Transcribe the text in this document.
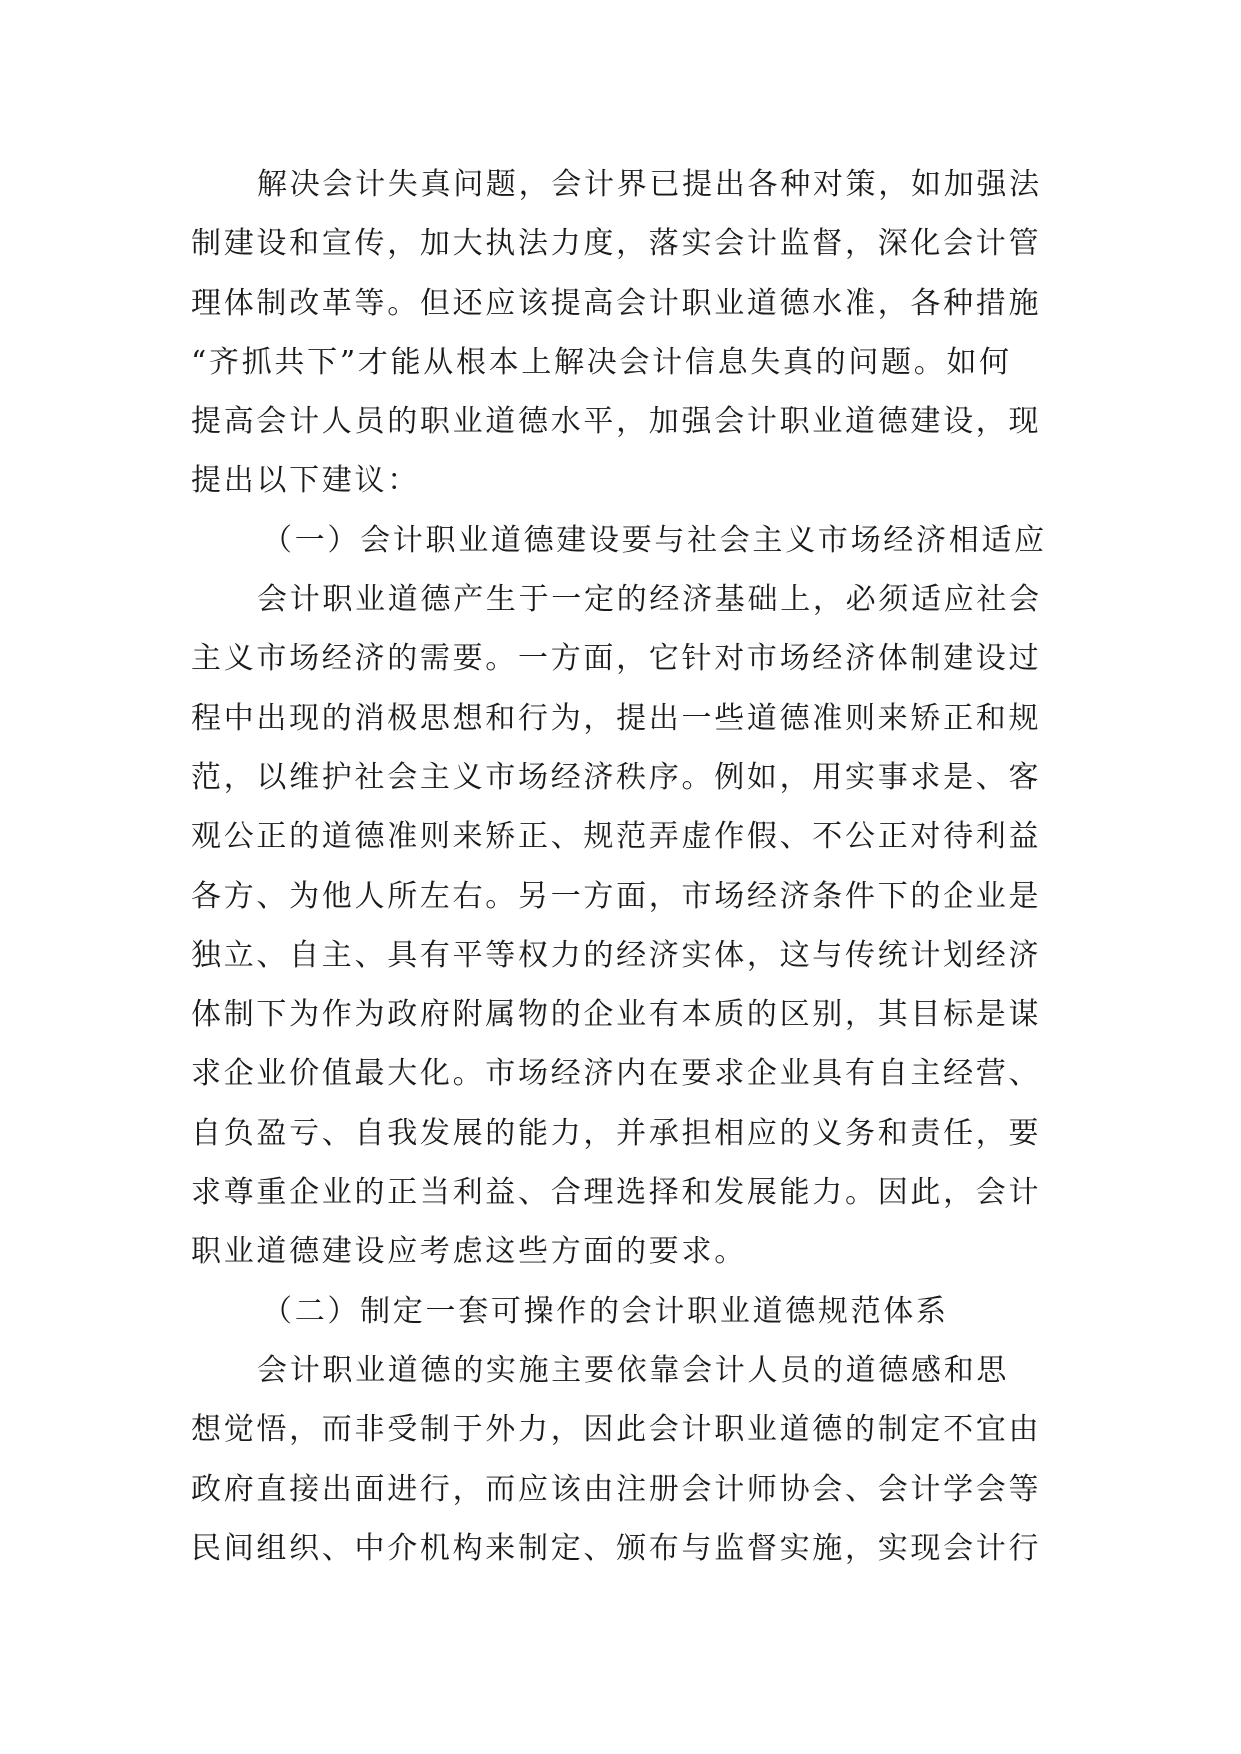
解决会计失真问题，会计界已提出各种对策，如加强法
制建设和宣传，加大执法力度，落实会计监督，深化会计管
理体制改革等。但还应该提高会计职业道德水准，各种措施
“齐抓共下”才能从根本上解决会计信息失真的问题。如何
提高会计人员的职业道德水平，加强会计职业道德建设，现
提出以下建议：
（一）会计职业道德建设要与社会主义市场经济相适应
会计职业道德产生于一定的经济基础上，必须适应社会
主义市场经济的需要。一方面，它针对市场经济体制建设过
程中出现的消极思想和行为，提出一些道德准则来矫正和规
范，以维护社会主义市场经济秩序。例如，用实事求是、客
观公正的道德准则来矫正、规范弄虚作假、不公正对待利益
各方、为他人所左右。另一方面，市场经济条件下的企业是
独立、自主、具有平等权力的经济实体，这与传统计划经济
体制下为作为政府附属物的企业有本质的区别，其目标是谋
求企业价值最大化。市场经济内在要求企业具有自主经营、
自负盈亏、自我发展的能力，并承担相应的义务和责任，要
求尊重企业的正当利益、合理选择和发展能力。因此，会计
职业道德建设应考虑这些方面的要求。
（二）制定一套可操作的会计职业道德规范体系
会计职业道德的实施主要依靠会计人员的道德感和思
想觉悟，而非受制于外力，因此会计职业道德的制定不宜由
政府直接出面进行，而应该由注册会计师协会、会计学会等
民间组织、中介机构来制定、颁布与监督实施，实现会计行
